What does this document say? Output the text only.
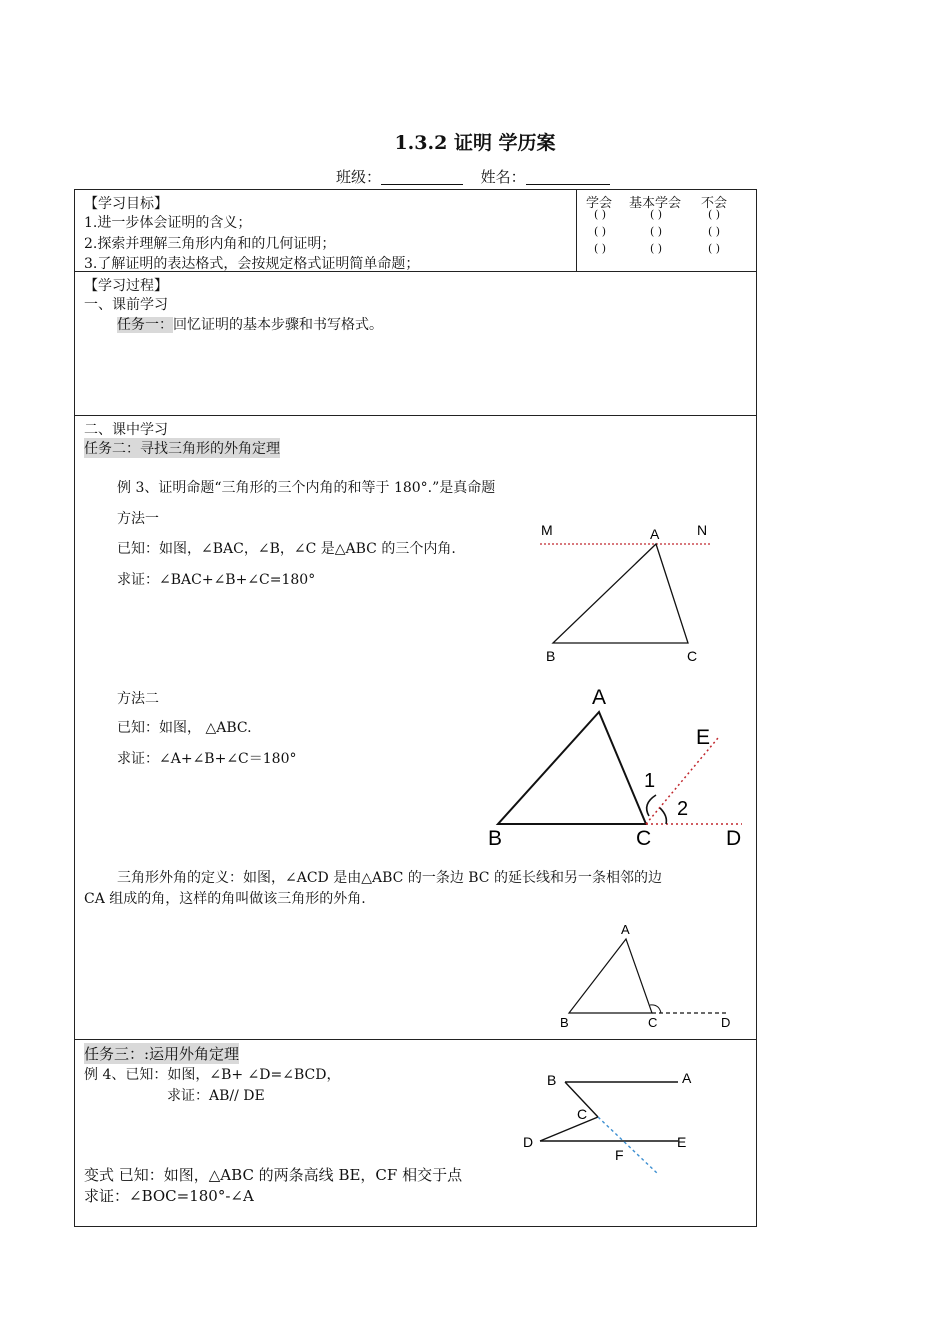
1.3.2 证明 学历案
班级：	姓名：
【学习目标】
1.进一步体会证明的含义；
2.探索并理解三角形内角和的几何证明；
3.了解证明的表达格式，会按规定格式证明简单命题；
学会 基本学会 不会
( )	( )	( )
( )	( )	( )
( )	( )	( )
【学习过程】
一、课前学习
任务一：回忆证明的基本步骤和书写格式。
二、课中学习
任务二：寻找三角形的外角定理
例 3、证明命题“三角形的三个内角的和等于 180°.”是真命题
方法一
已知：如图，∠BAC，∠B，∠C 是△ABC 的三个内角.
求证：∠BAC+∠B+∠C=180°
方法二
已知：如图， △ABC.
求证：∠A+∠B+∠C＝180°
三角形外角的定义：如图，∠ACD 是由△ABC 的一条边 BC 的延长线和另一条相邻的边
CA 组成的角，这样的角叫做该三角形的外角.
任务三：:运用外角定理
例 4、已知：如图，∠B+ ∠D=∠BCD，
求证：AB// DE
变式 已知：如图，△ABC 的两条高线 BE，CF 相交于点
求证：∠BOC=180°-∠A
M	A	N
B	C
A
E
1
2
B	C	D
A
B	C	D
B	A
C
D	E
F
